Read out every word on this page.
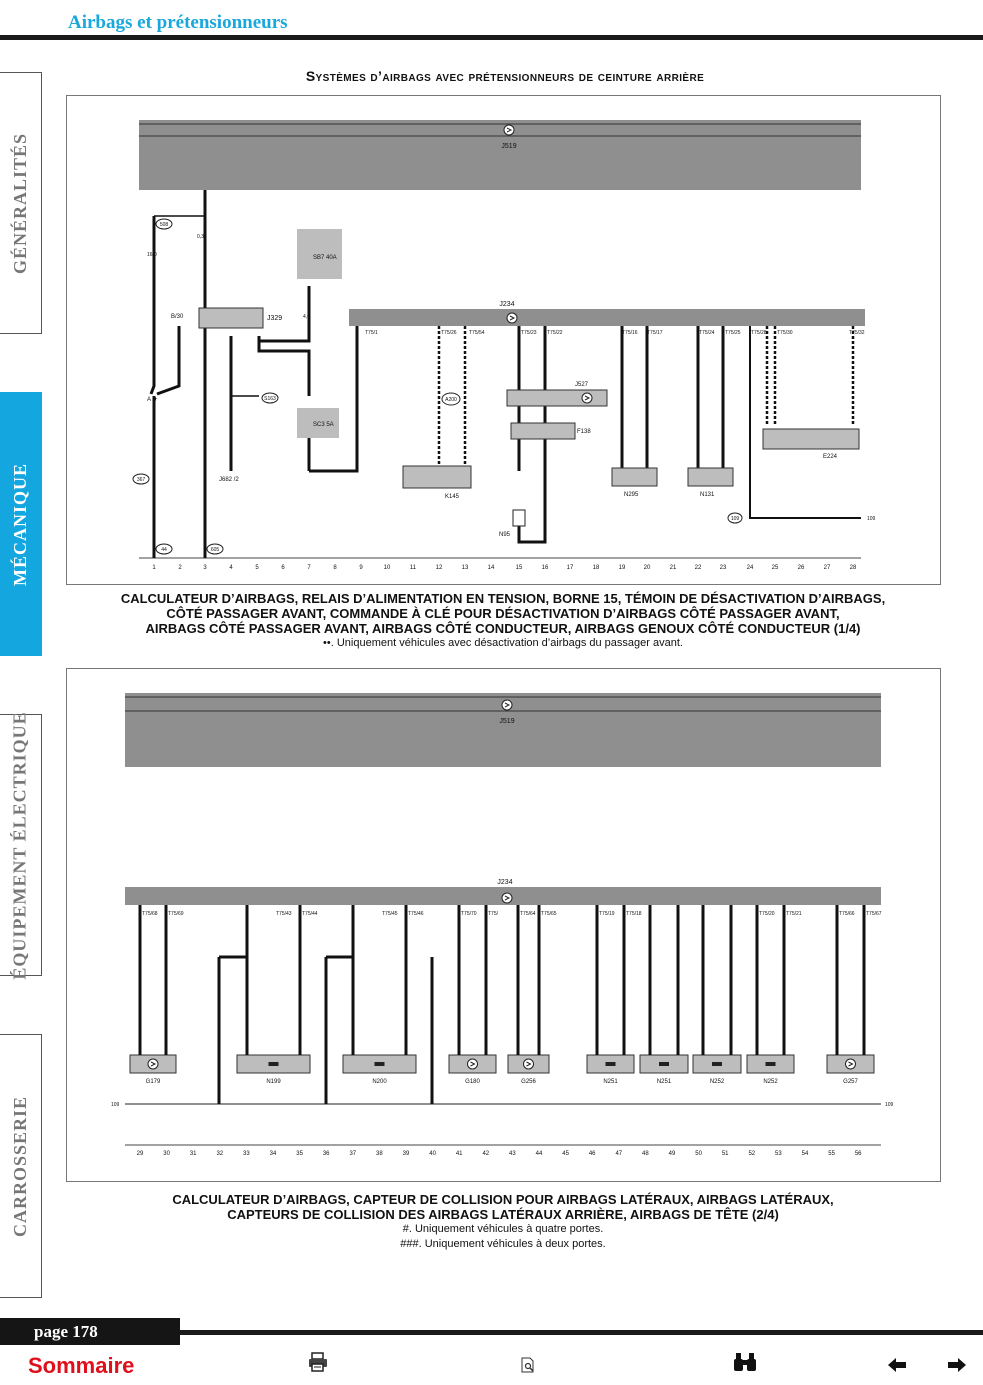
Airbags et prétensionneurs
GÉNÉRALITÉS
MÉCANIQUE
ÉQUIPEMENT ÉLECTRIQUE
CARROSSERIE
Systèmes d’airbags avec prétensionneurs de ceinture arrière
J519
J234
1	2	3	4	5	6	7	8	9	10	11	12	13	14	15	16	17	18	19	20	21	22	23	24	25	26	27	28
J329
B/30
SB7 40A
SC3 5A
J682 /2
508
367
44	605
S163
A /+
16,0
0,35
4,0
A200
K145
N95
J527
F138
N295	N131
109	109
E224
T75/1	T75/26 T75/54	T75/23 T75/22	T75/16 T75/17	T75/24 T75/25 T75/28 T75/30	T75/32
CALCULATEUR D’AIRBAGS, RELAIS D’ALIMENTATION EN TENSION, BORNE 15, TÉMOIN DE DÉSACTIVATION D’AIRBAGS,
CÔTÉ PASSAGER AVANT, COMMANDE À CLÉ POUR DÉSACTIVATION D’AIRBAGS CÔTÉ PASSAGER AVANT,
AIRBAGS CÔTÉ PASSAGER AVANT, AIRBAGS CÔTÉ CONDUCTEUR, AIRBAGS GENOUX CÔTÉ CONDUCTEUR (1/4)
••. Uniquement véhicules avec désactivation d’airbags du passager avant.
J519
J234
29	30	31	32	33	34	35	36	37	38	39	40	41	42	43	44	45	46	47	48	49	50	51	52	53	54	55	56
109	109
G179	N199	N200	G180	G256	N251	N251	N252	N252	G257
T75/68 T75/69	T75/43 T75/44	T75/45 T75/46	T75/70 T75/	T75/64 T75/65	T75/19 T75/18	T75/20 T75/21	T75/66 T75/67
CALCULATEUR D’AIRBAGS, CAPTEUR DE COLLISION POUR AIRBAGS LATÉRAUX, AIRBAGS LATÉRAUX,
CAPTEURS DE COLLISION DES AIRBAGS LATÉRAUX ARRIÈRE, AIRBAGS DE TÊTE (2/4)
#. Uniquement véhicules à quatre portes.
###. Uniquement véhicules à deux portes.
page 178
Sommaire
